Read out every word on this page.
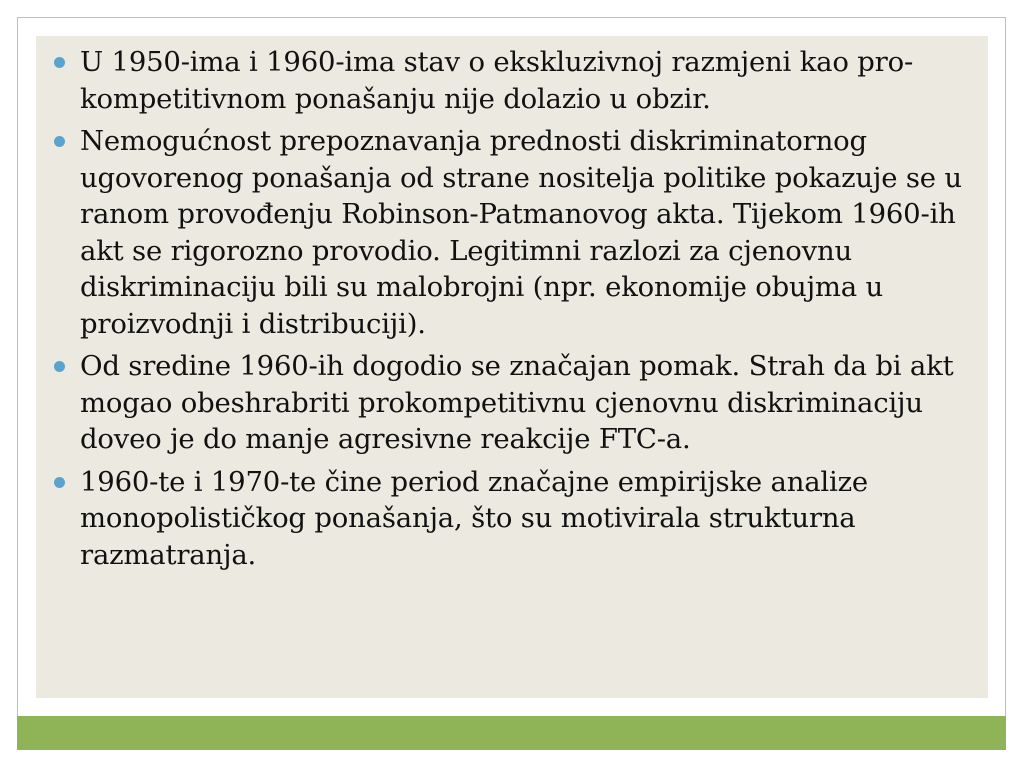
U 1950-ima i 1960-ima stav o ekskluzivnoj razmjeni kao pro-kompetitivnom ponašanju nije dolazio u obzir.
Nemogućnost prepoznavanja prednosti diskriminatornog ugovorenog ponašanja od strane nositelja politike pokazuje se u ranom provođenju Robinson-Patmanovog akta. Tijekom 1960-ih akt se rigorozno provodio. Legitimni razlozi za cjenovnu diskriminaciju bili su malobrojni (npr. ekonomije obujma u proizvodnji i distribuciji).
Od sredine 1960-ih dogodio se značajan pomak. Strah da bi akt mogao obeshrabriti prokompetitivnu cjenovnu diskriminaciju doveo je do manje agresivne reakcije FTC-a.
1960-te i 1970-te čine period značajne empirijske analize monopolističkog ponašanja, što su motivirala strukturna razmatranja.
